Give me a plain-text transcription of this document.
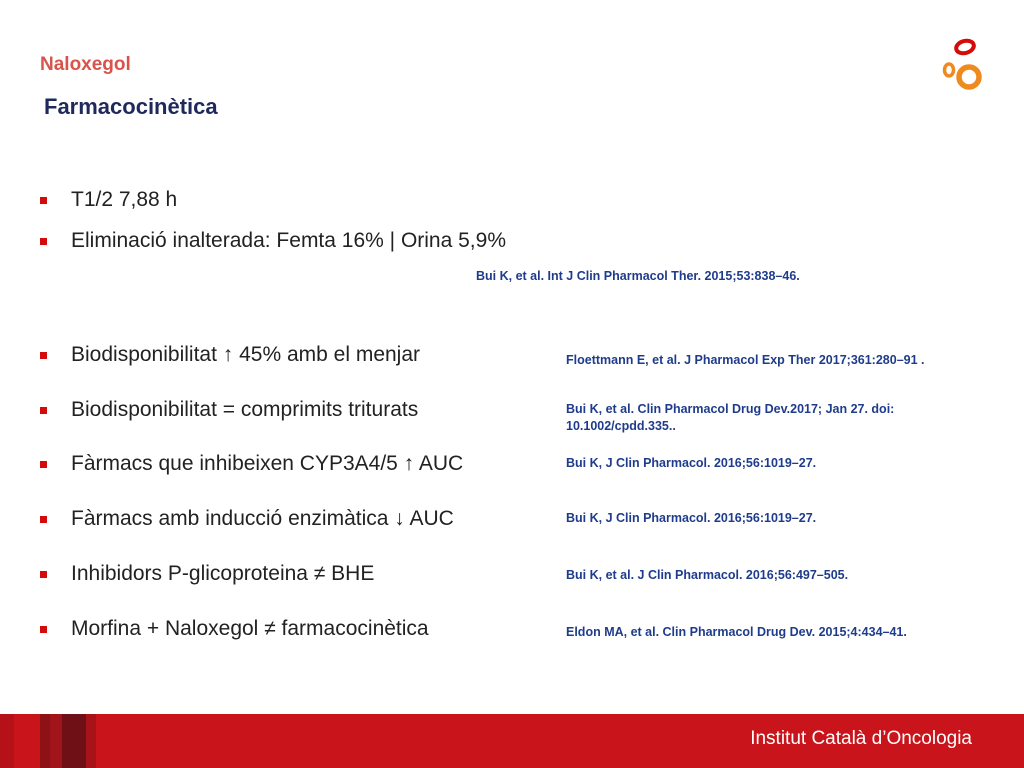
Naloxegol
Farmacocinètica
T1/2 7,88 h
Eliminació inalterada: Femta 16% | Orina 5,9%
Biodisponibilitat ↑ 45% amb el menjar
Biodisponibilitat = comprimits triturats
Fàrmacs que inhibeixen CYP3A4/5 ↑ AUC
Fàrmacs amb inducció enzimàtica ↓ AUC
Inhibidors P-glicoproteina ≠ BHE
Morfina + Naloxegol ≠ farmacocinètica
Bui K, et al. Int J Clin Pharmacol Ther. 2015;53:838–46.
Floettmann E, et al. J Pharmacol Exp Ther 2017;361:280–91 .
Bui K, et al. Clin Pharmacol Drug Dev.2017; Jan 27. doi: 10.1002/cpdd.335..
Bui K, J Clin Pharmacol. 2016;56:1019–27.
Bui K, J Clin Pharmacol. 2016;56:1019–27.
Bui K, et al. J Clin Pharmacol. 2016;56:497–505.
Eldon MA, et al. Clin Pharmacol Drug Dev. 2015;4:434–41.
Institut Català d’Oncologia
